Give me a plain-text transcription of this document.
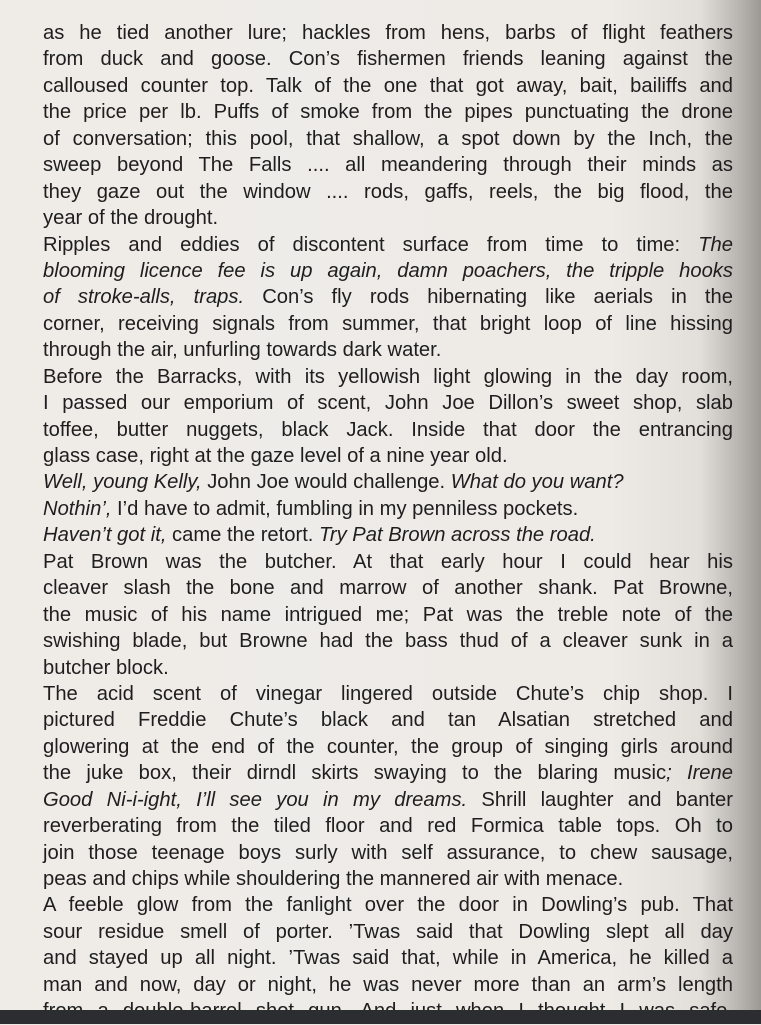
as he tied another lure; hackles from hens, barbs of flight feathers
from duck and goose. Con’s fishermen friends leaning against the
calloused counter top. Talk of the one that got away, bait, bailiffs and
the price per lb. Puffs of smoke from the pipes punctuating the drone
of conversation; this pool, that shallow, a spot down by the Inch, the
sweep beyond The Falls .... all meandering through their minds as
they gaze out the window .... rods, gaffs, reels, the big flood, the
year of the drought.
Ripples and eddies of discontent surface from time to time: The
blooming licence fee is up again, damn poachers, the tripple hooks
of stroke-alls, traps. Con’s fly rods hibernating like aerials in the
corner, receiving signals from summer, that bright loop of line hissing
through the air, unfurling towards dark water.
Before the Barracks, with its yellowish light glowing in the day room,
I passed our emporium of scent, John Joe Dillon’s sweet shop, slab
toffee, butter nuggets, black Jack. Inside that door the entrancing
glass case, right at the gaze level of a nine year old.
Well, young Kelly, John Joe would challenge. What do you want?
Nothin’, I’d have to admit, fumbling in my penniless pockets.
Haven’t got it, came the retort. Try Pat Brown across the road.
Pat Brown was the butcher. At that early hour I could hear his
cleaver slash the bone and marrow of another shank. Pat Browne,
the music of his name intrigued me; Pat was the treble note of the
swishing blade, but Browne had the bass thud of a cleaver sunk in a
butcher block.
The acid scent of vinegar lingered outside Chute’s chip shop. I
pictured Freddie Chute’s black and tan Alsatian stretched and
glowering at the end of the counter, the group of singing girls around
the juke box, their dirndl skirts swaying to the blaring music; Irene
Good Ni-i-ight, I’ll see you in my dreams. Shrill laughter and banter
reverberating from the tiled floor and red Formica table tops. Oh to
join those teenage boys surly with self assurance, to chew sausage,
peas and chips while shouldering the mannered air with menace.
A feeble glow from the fanlight over the door in Dowling’s pub. That
sour residue smell of porter. ’Twas said that Dowling slept all day
and stayed up all night. ’Twas said that, while in America, he killed a
man and now, day or night, he was never more than an arm’s length
